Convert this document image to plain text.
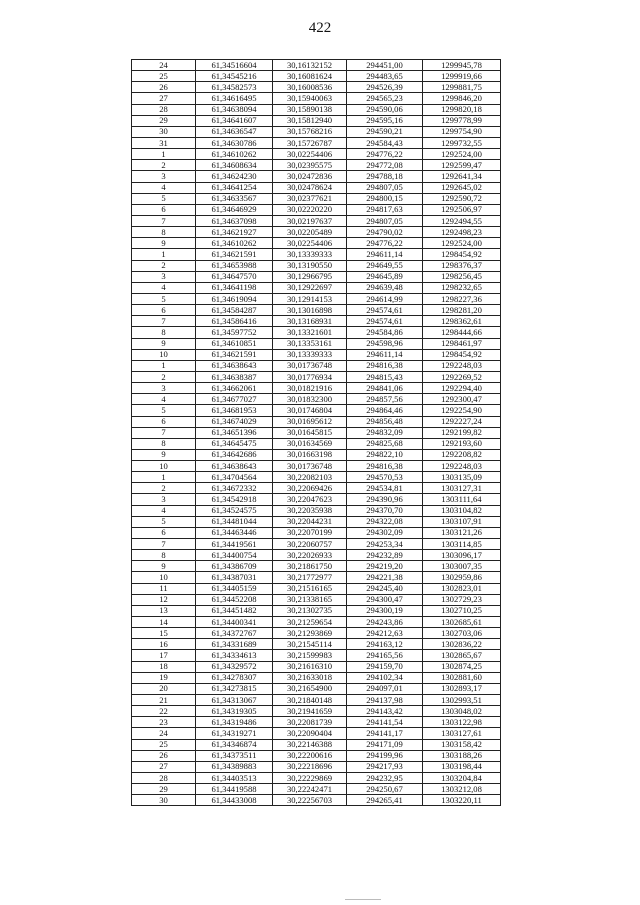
422
24	61,34516604	30,16132152	294451,00	1299945,78
25	61,34545216	30,16081624	294483,65	1299919,66
26	61,34582573	30,16008536	294526,39	1299881,75
27	61,34616495	30,15940063	294565,23	1299846,20
28	61,34638094	30,15890138	294590,06	1299820,18
29	61,34641607	30,15812940	294595,16	1299778,99
30	61,34636547	30,15768216	294590,21	1299754,90
31	61,34630786	30,15726787	294584,43	1299732,55
1	61,34610262	30,02254406	294776,22	1292524,00
2	61,34608634	30,02395575	294772,08	1292599,47
3	61,34624230	30,02472836	294788,18	1292641,34
4	61,34641254	30,02478624	294807,05	1292645,02
5	61,34633567	30,02377621	294800,15	1292590,72
6	61,34646929	30,02220220	294817,63	1292506,97
7	61,34637098	30,02197637	294807,05	1292494,55
8	61,34621927	30,02205489	294790,02	1292498,23
9	61,34610262	30,02254406	294776,22	1292524,00
1	61,34621591	30,13339333	294611,14	1298454,92
2	61,34653988	30,13190550	294649,55	1298376,37
3	61,34647570	30,12966795	294645,89	1298256,45
4	61,34641198	30,12922697	294639,48	1298232,65
5	61,34619094	30,12914153	294614,99	1298227,36
6	61,34584287	30,13016898	294574,61	1298281,20
7	61,34586416	30,13168931	294574,61	1298362,61
8	61,34597752	30,13321601	294584,86	1298444,66
9	61,34610851	30,13353161	294598,96	1298461,97
10	61,34621591	30,13339333	294611,14	1298454,92
1	61,34638643	30,01736748	294816,38	1292248,03
2	61,34638387	30,01776934	294815,43	1292269,52
3	61,34662061	30,01821916	294841,06	1292294,40
4	61,34677027	30,01832300	294857,56	1292300,47
5	61,34681953	30,01746804	294864,46	1292254,90
6	61,34674029	30,01695612	294856,48	1292227,24
7	61,34651396	30,01645815	294832,09	1292199,82
8	61,34645475	30,01634569	294825,68	1292193,60
9	61,34642686	30,01663198	294822,10	1292208,82
10	61,34638643	30,01736748	294816,38	1292248,03
1	61,34704564	30,22082103	294570,53	1303135,09
2	61,34672332	30,22069426	294534,81	1303127,31
3	61,34542918	30,22047623	294390,96	1303111,64
4	61,34524575	30,22035938	294370,70	1303104,82
5	61,34481044	30,22044231	294322,08	1303107,91
6	61,34463446	30,22070199	294302,09	1303121,26
7	61,34419561	30,22060757	294253,34	1303114,85
8	61,34400754	30,22026933	294232,89	1303096,17
9	61,34386709	30,21861750	294219,20	1303007,35
10	61,34387031	30,21772977	294221,38	1302959,86
11	61,34405159	30,21516165	294245,40	1302823,01
12	61,34452208	30,21338165	294300,47	1302729,23
13	61,34451482	30,21302735	294300,19	1302710,25
14	61,34400341	30,21259654	294243,86	1302685,61
15	61,34372767	30,21293869	294212,63	1302703,06
16	61,34331689	30,21545114	294163,12	1302836,22
17	61,34334613	30,21599983	294165,56	1302865,67
18	61,34329572	30,21616310	294159,70	1302874,25
19	61,34278307	30,21633018	294102,34	1302881,60
20	61,34273815	30,21654900	294097,01	1302893,17
21	61,34313067	30,21840148	294137,98	1302993,51
22	61,34319305	30,21941659	294143,42	1303048,02
23	61,34319486	30,22081739	294141,54	1303122,98
24	61,34319271	30,22090404	294141,17	1303127,61
25	61,34346874	30,22146388	294171,09	1303158,42
26	61,34373511	30,22200616	294199,96	1303188,26
27	61,34389883	30,22218696	294217,93	1303198,44
28	61,34403513	30,22229869	294232,95	1303204,84
29	61,34419588	30,22242471	294250,67	1303212,08
30	61,34433008	30,22256703	294265,41	1303220,11
